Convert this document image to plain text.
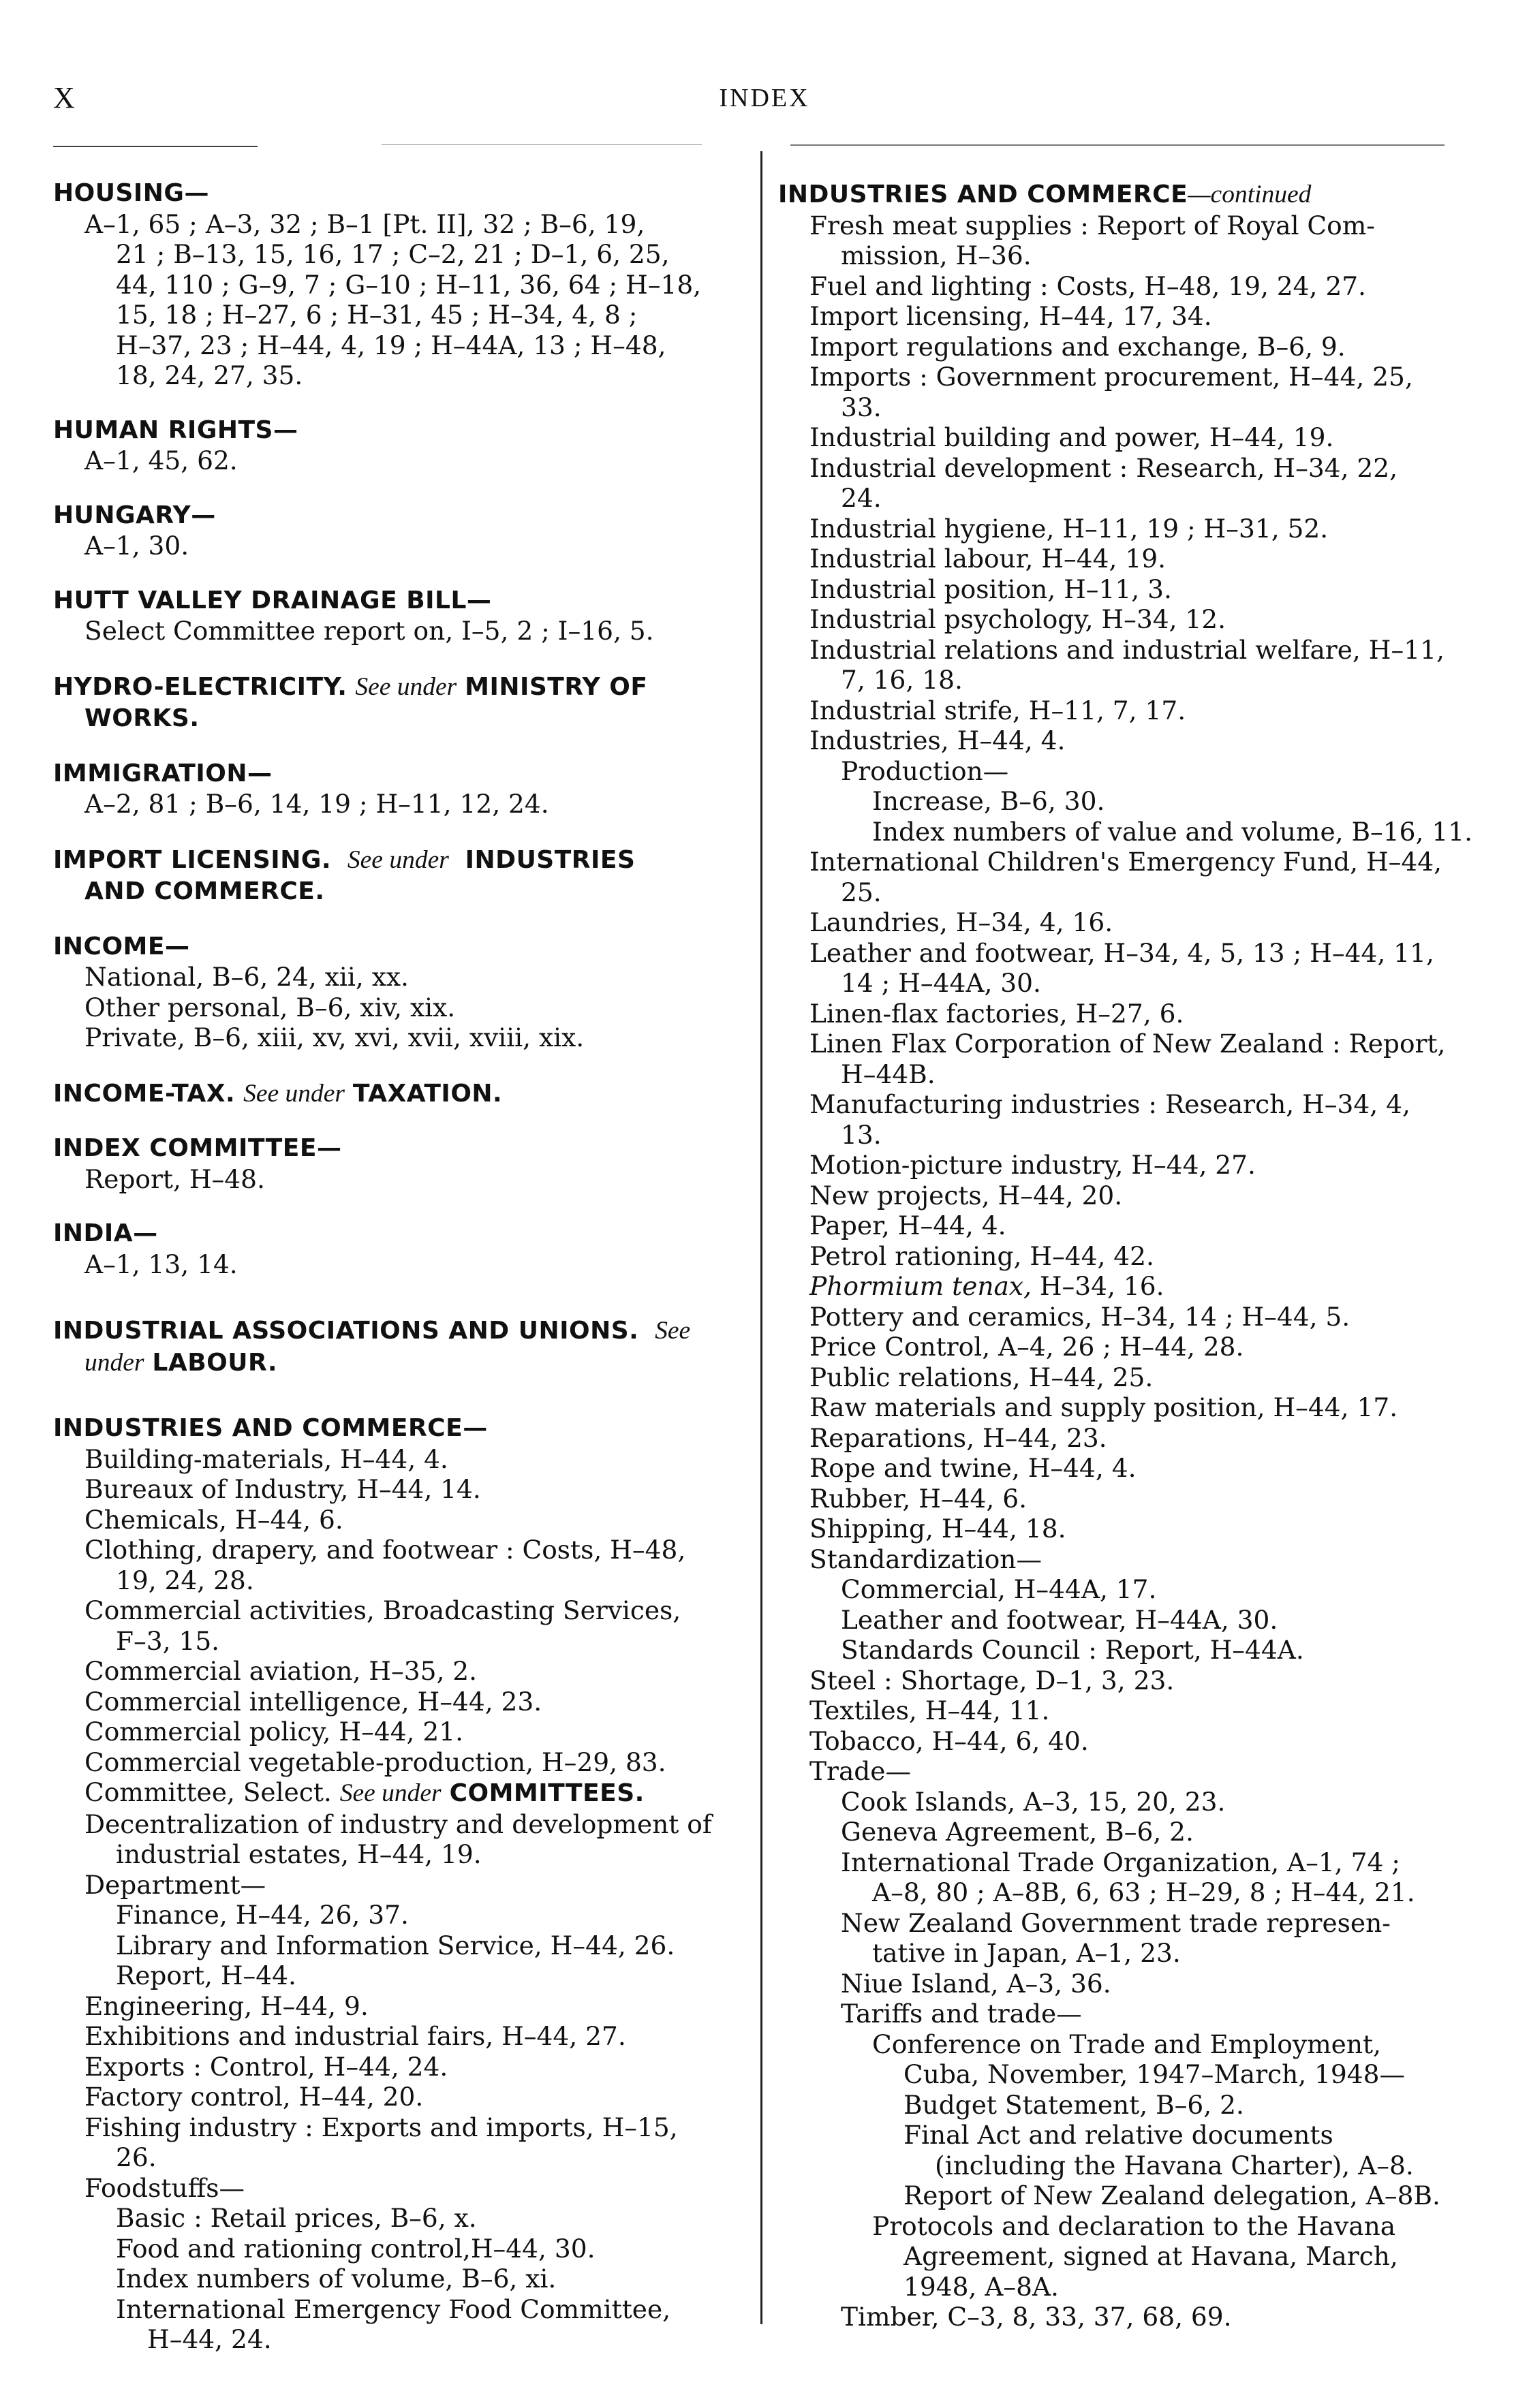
X	INDEX
HOUSING—
A–1, 65 ; A–3, 32 ; B–1 [Pt. II], 32 ; B–6, 19,
21 ; B–13, 15, 16, 17 ; C–2, 21 ; D–1, 6, 25,
44, 110 ; G–9, 7 ; G–10 ; H–11, 36, 64 ; H–18,
15, 18 ; H–27, 6 ; H–31, 45 ; H–34, 4, 8 ;
H–37, 23 ; H–44, 4, 19 ; H–44A, 13 ; H–48,
18, 24, 27, 35.
HUMAN RIGHTS—
A–1, 45, 62.
HUNGARY—
A–1, 30.
HUTT VALLEY DRAINAGE BILL—
Select Committee report on, I–5, 2 ; I–16, 5.
HYDRO-ELECTRICITY. See under MINISTRY OF
WORKS.
IMMIGRATION—
A–2, 81 ; B–6, 14, 19 ; H–11, 12, 24.
IMPORT LICENSING. See under INDUSTRIES
AND COMMERCE.
INCOME—
National, B–6, 24, xii, xx.
Other personal, B–6, xiv, xix.
Private, B–6, xiii, xv, xvi, xvii, xviii, xix.
INCOME-TAX. See under TAXATION.
INDEX COMMITTEE—
Report, H–48.
INDIA—
A–1, 13, 14.
INDUSTRIAL ASSOCIATIONS AND UNIONS. See
under LABOUR.
INDUSTRIES AND COMMERCE—
Building-materials, H–44, 4.
Bureaux of Industry, H–44, 14.
Chemicals, H–44, 6.
Clothing, drapery, and footwear : Costs, H–48,
19, 24, 28.
Commercial activities, Broadcasting Services,
F–3, 15.
Commercial aviation, H–35, 2.
Commercial intelligence, H–44, 23.
Commercial policy, H–44, 21.
Commercial vegetable-production, H–29, 83.
Committee, Select. See under COMMITTEES.
Decentralization of industry and development of
industrial estates, H–44, 19.
Department—
Finance, H–44, 26, 37.
Library and Information Service, H–44, 26.
Report, H–44.
Engineering, H–44, 9.
Exhibitions and industrial fairs, H–44, 27.
Exports : Control, H–44, 24.
Factory control, H–44, 20.
Fishing industry : Exports and imports, H–15,
26.
Foodstuffs—
Basic : Retail prices, B–6, x.
Food and rationing control,H–44, 30.
Index numbers of volume, B–6, xi.
International Emergency Food Committee,
H–44, 24.
INDUSTRIES AND COMMERCE—continued
Fresh meat supplies : Report of Royal Com-
mission, H–36.
Fuel and lighting : Costs, H–48, 19, 24, 27.
Import licensing, H–44, 17, 34.
Import regulations and exchange, B–6, 9.
Imports : Government procurement, H–44, 25,
33.
Industrial building and power, H–44, 19.
Industrial development : Research, H–34, 22,
24.
Industrial hygiene, H–11, 19 ; H–31, 52.
Industrial labour, H–44, 19.
Industrial position, H–11, 3.
Industrial psychology, H–34, 12.
Industrial relations and industrial welfare, H–11,
7, 16, 18.
Industrial strife, H–11, 7, 17.
Industries, H–44, 4.
Production—
Increase, B–6, 30.
Index numbers of value and volume, B–16, 11.
International Children's Emergency Fund, H–44,
25.
Laundries, H–34, 4, 16.
Leather and footwear, H–34, 4, 5, 13 ; H–44, 11,
14 ; H–44A, 30.
Linen-flax factories, H–27, 6.
Linen Flax Corporation of New Zealand : Report,
H–44B.
Manufacturing industries : Research, H–34, 4,
13.
Motion-picture industry, H–44, 27.
New projects, H–44, 20.
Paper, H–44, 4.
Petrol rationing, H–44, 42.
Phormium tenax, H–34, 16.
Pottery and ceramics, H–34, 14 ; H–44, 5.
Price Control, A–4, 26 ; H–44, 28.
Public relations, H–44, 25.
Raw materials and supply position, H–44, 17.
Reparations, H–44, 23.
Rope and twine, H–44, 4.
Rubber, H–44, 6.
Shipping, H–44, 18.
Standardization—
Commercial, H–44A, 17.
Leather and footwear, H–44A, 30.
Standards Council : Report, H–44A.
Steel : Shortage, D–1, 3, 23.
Textiles, H–44, 11.
Tobacco, H–44, 6, 40.
Trade—
Cook Islands, A–3, 15, 20, 23.
Geneva Agreement, B–6, 2.
International Trade Organization, A–1, 74 ;
A–8, 80 ; A–8B, 6, 63 ; H–29, 8 ; H–44, 21.
New Zealand Government trade represen-
tative in Japan, A–1, 23.
Niue Island, A–3, 36.
Tariffs and trade—
Conference on Trade and Employment,
Cuba, November, 1947–March, 1948—
Budget Statement, B–6, 2.
Final Act and relative documents
(including the Havana Charter), A–8.
Report of New Zealand delegation, A–8B.
Protocols and declaration to the Havana
Agreement, signed at Havana, March,
1948, A–8A.
Timber, C–3, 8, 33, 37, 68, 69.
